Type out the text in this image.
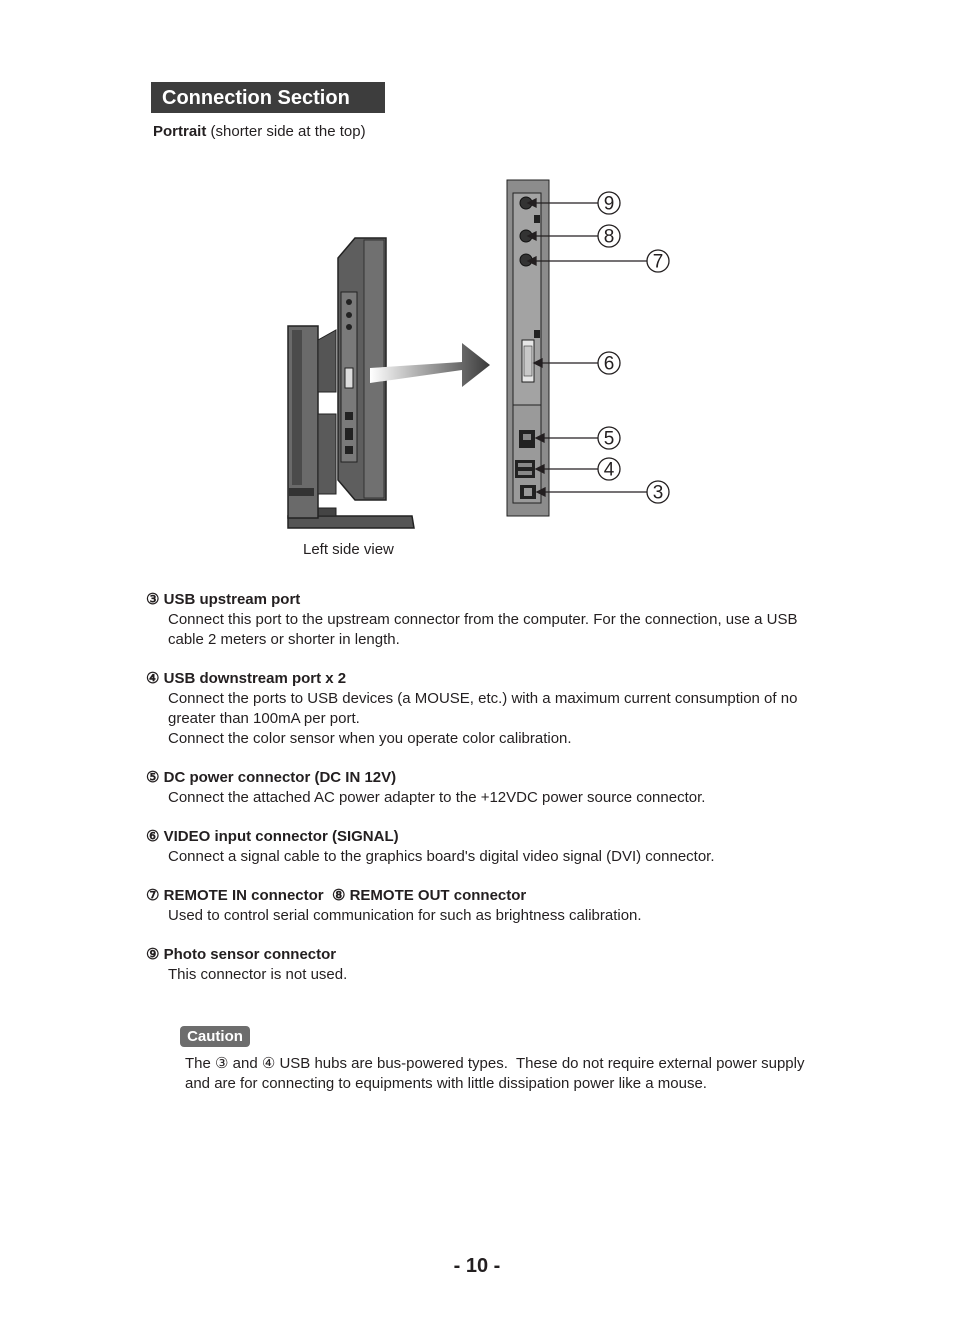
Connection Section
Portrait (shorter side at the top)
9
8
7
6
5
4
3
Left side view
③ USB upstream port
Connect this port to the upstream connector from the computer. For the connection, use a USB cable 2 meters or shorter in length.
④ USB downstream port x 2
Connect the ports to USB devices (a MOUSE, etc.) with a maximum current consumption of no greater than 100mA per port.
Connect the color sensor when you operate color calibration.
⑤ DC power connector (DC IN 12V)
Connect the attached AC power adapter to the +12VDC power source connector.
⑥ VIDEO input connector (SIGNAL)
Connect a signal cable to the graphics board's digital video signal (DVI) connector.
⑦ REMOTE IN connector  ⑧ REMOTE OUT connector
Used to control serial communication for such as brightness calibration.
⑨ Photo sensor connector
This connector is not used.
Caution
The ③ and ④ USB hubs are bus-powered types.  These do not require external power supply and are for connecting to equipments with little dissipation power like a mouse.
- 10 -
